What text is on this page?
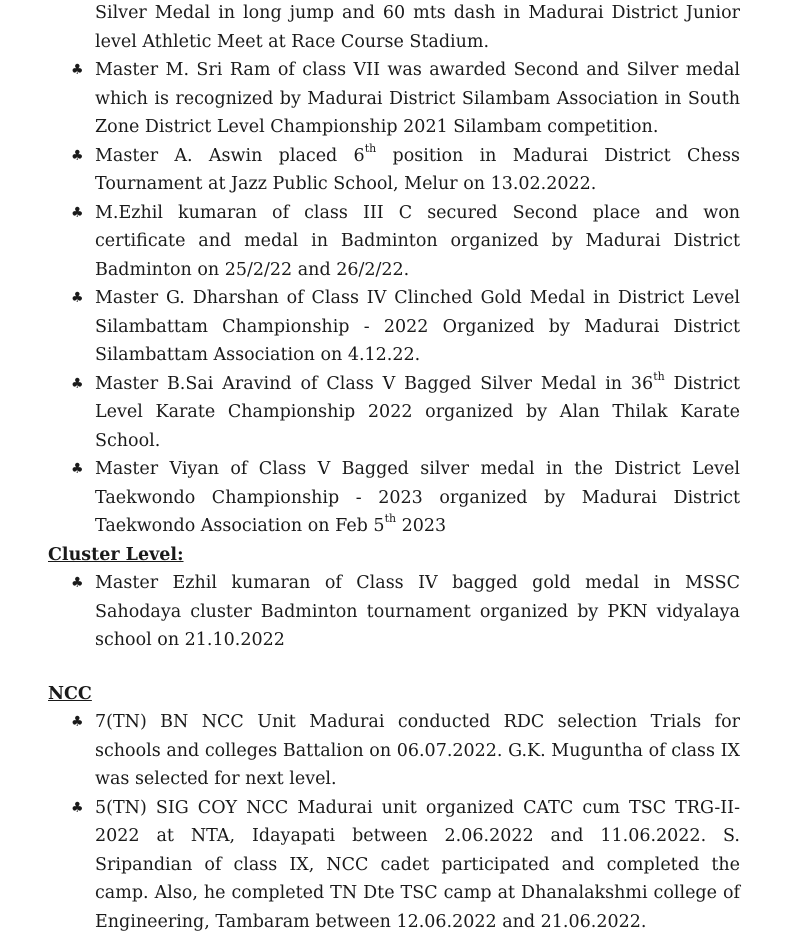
Silver Medal in long jump and 60 mts dash in Madurai District Junior level Athletic Meet at Race Course Stadium.
♣ Master M. Sri Ram of class VII was awarded Second and Silver medal which is recognized by Madurai District Silambam Association in South Zone District Level Championship 2021 Silambam competition.
♣ Master A. Aswin placed 6th position in Madurai District Chess Tournament at Jazz Public School, Melur on 13.02.2022.
♣ M.Ezhil kumaran of class III C secured Second place and won certificate and medal in Badminton organized by Madurai District Badminton on 25/2/22 and 26/2/22.
♣ Master G. Dharshan of Class IV Clinched Gold Medal in District Level Silambattam Championship - 2022 Organized by Madurai District Silambattam Association on 4.12.22.
♣ Master B.Sai Aravind of Class V Bagged Silver Medal in 36th District Level Karate Championship 2022 organized by Alan Thilak Karate School.
♣ Master Viyan of Class V Bagged silver medal in the District Level Taekwondo Championship - 2023 organized by Madurai District Taekwondo Association on Feb 5th 2023
Cluster Level:
♣ Master Ezhil kumaran of Class IV bagged gold medal in MSSC Sahodaya cluster Badminton tournament organized by PKN vidyalaya school on 21.10.2022
NCC
♣ 7(TN) BN NCC Unit Madurai conducted RDC selection Trials for schools and colleges Battalion on 06.07.2022. G.K. Muguntha of class IX was selected for next level.
♣ 5(TN) SIG COY NCC Madurai unit organized CATC cum TSC TRG-II-2022 at NTA, Idayapati between 2.06.2022 and 11.06.2022. S. Sripandian of class IX, NCC cadet participated and completed the camp. Also, he completed TN Dte TSC camp at Dhanalakshmi college of Engineering, Tambaram between 12.06.2022 and 21.06.2022.
